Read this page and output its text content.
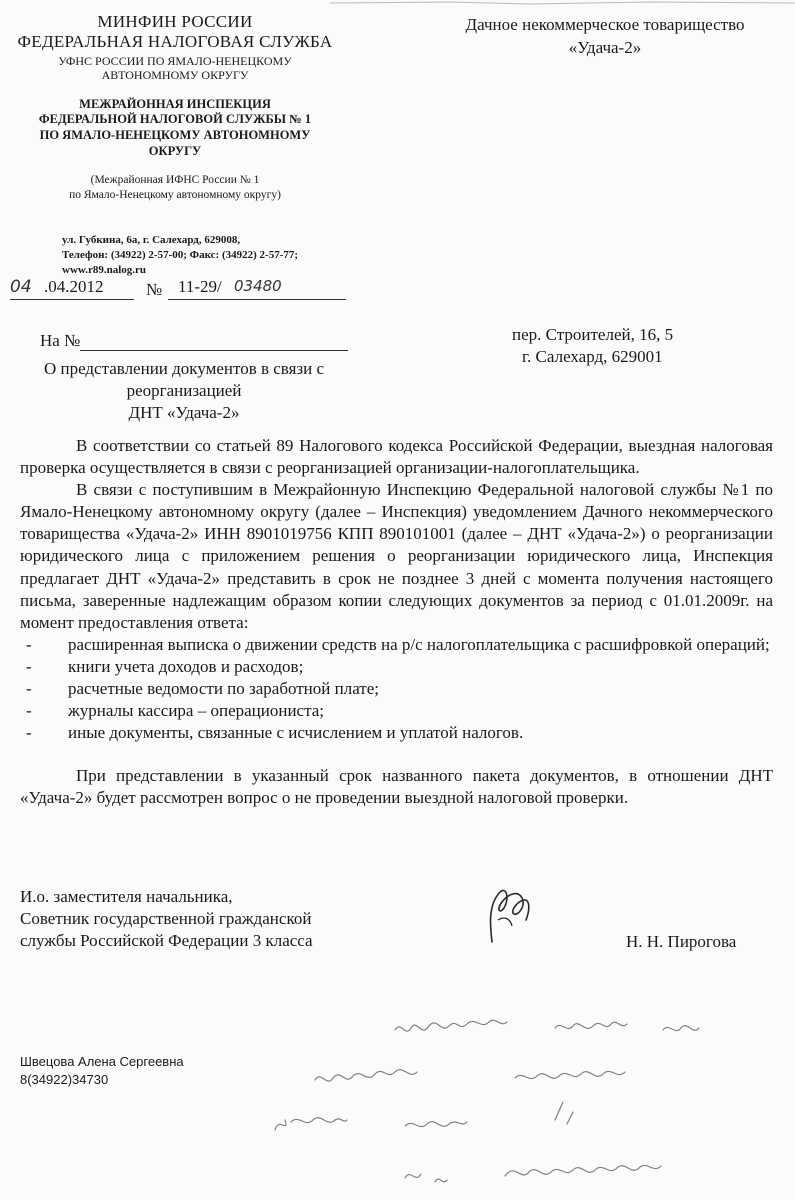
МИНФИН РОССИИ
ФЕДЕРАЛЬНАЯ НАЛОГОВАЯ СЛУЖБА
УФНС РОССИИ ПО ЯМАЛО-НЕНЕЦКОМУ
АВТОНОМНОМУ ОКРУГУ
МЕЖРАЙОННАЯ ИНСПЕКЦИЯ
ФЕДЕРАЛЬНОЙ НАЛОГОВОЙ СЛУЖБЫ № 1
ПО ЯМАЛО-НЕНЕЦКОМУ АВТОНОМНОМУ
ОКРУГУ
(Межрайонная ИФНС России № 1
по Ямало-Ненецкому автономному округу)
ул. Губкина, 6а, г. Салехард, 629008,
Телефон: (34922) 2-57-00; Факс: (34922) 2-57-77;
www.r89.nalog.ru
Дачное некоммерческое товарищество
«Удача-2»
04 .04.2012	№ 11-29/ 03480
На №	пер. Строителей, 16, 5
г. Салехард, 629001
О представлении документов в связи с
реорганизацией
ДНТ «Удача-2»

В соответствии со статьей 89 Налогового кодекса Российской Федерации, выездная налоговая проверка осуществляется в связи с реорганизацией организации-налогоплательщика.

В связи с поступившим в Межрайонную Инспекцию Федеральной налоговой службы №1 по Ямало-Ненецкому автономному округу (далее – Инспекция) уведомлением Дачного некоммерческого товарищества «Удача-2» ИНН 8901019756 КПП 890101001 (далее – ДНТ «Удача-2») о реорганизации юридического лица с приложением решения о реорганизации юридического лица, Инспекция предлагает ДНТ «Удача-2» представить в срок не позднее 3 дней с момента получения настоящего письма, заверенные надлежащим образом копии следующих документов за период с 01.01.2009г. на момент предоставления ответа:

- расширенная выписка о движении средств на р/с налогоплательщика с расшифровкой операций;
- книги учета доходов и расходов;
- расчетные ведомости по заработной плате;
- журналы кассира – операциониста;
- иные документы, связанные с исчислением и уплатой налогов.

При представлении в указанный срок названного пакета документов, в отношении ДНТ «Удача-2» будет рассмотрен вопрос о не проведении выездной налоговой проверки.

И.о. заместителя начальника,
Советник государственной гражданской
службы Российской Федерации 3 класса	Н. Н. Пирогова
Швецова Алена Сергеевна
8(34922)34730
